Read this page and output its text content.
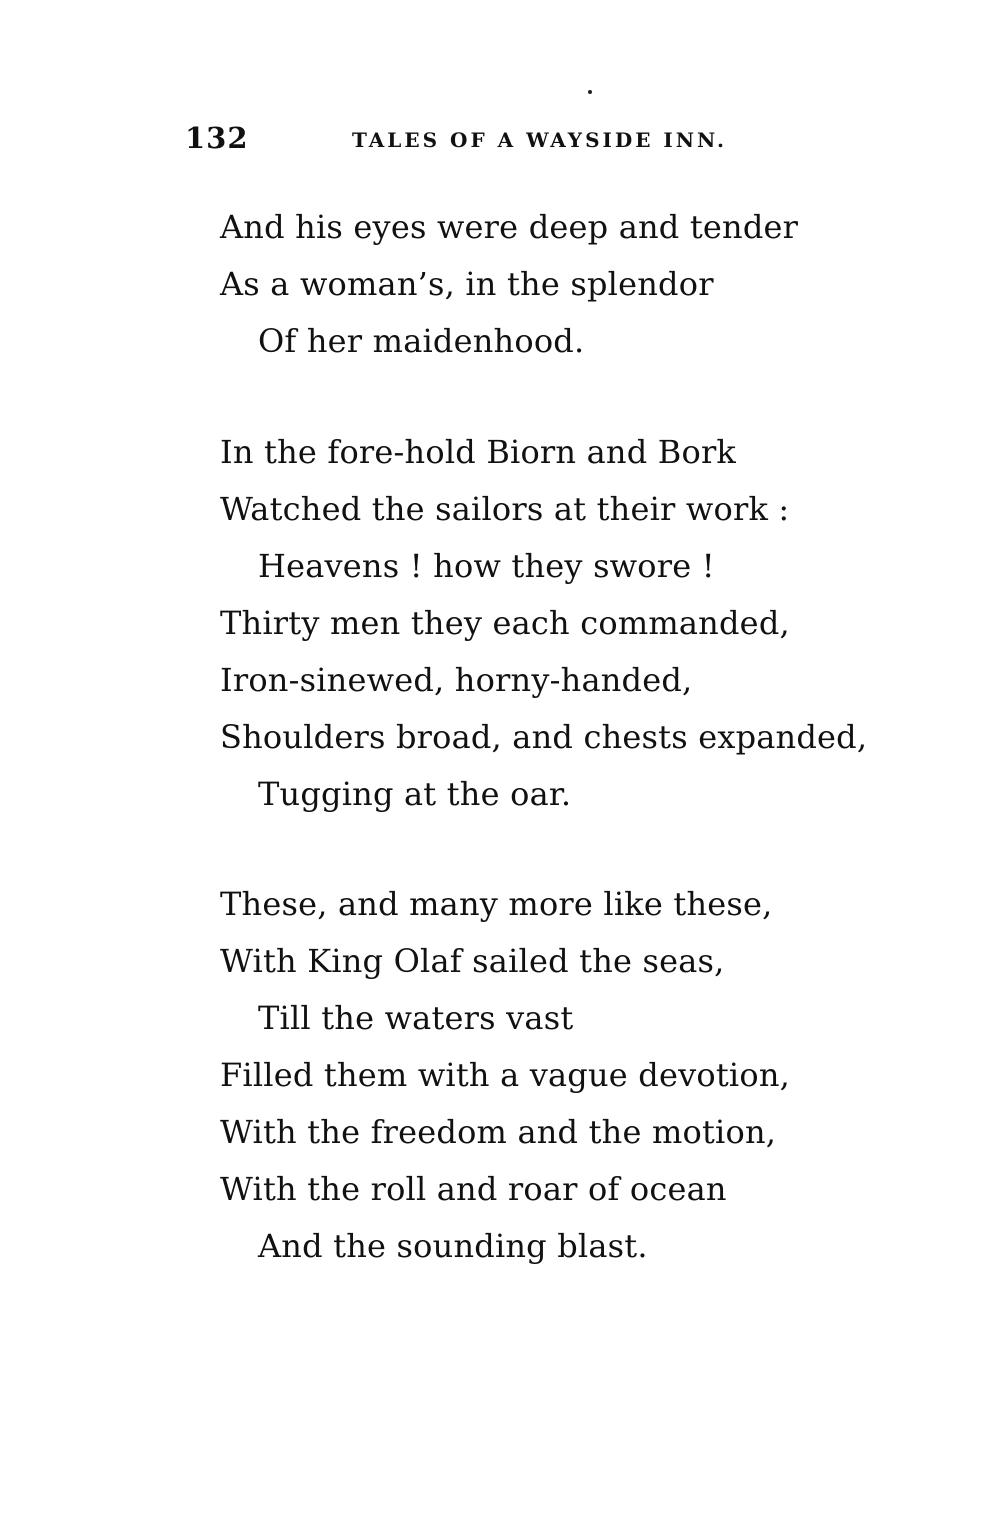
132	TALES OF A WAYSIDE INN.
And his eyes were deep and tender
As a woman’s, in the splendor
Of her maidenhood.
In the fore-hold Biorn and Bork
Watched the sailors at their work :
Heavens ! how they swore !
Thirty men they each commanded,
Iron-sinewed, horny-handed,
Shoulders broad, and chests expanded,
Tugging at the oar.
These, and many more like these,
With King Olaf sailed the seas,
Till the waters vast
Filled them with a vague devotion,
With the freedom and the motion,
With the roll and roar of ocean
And the sounding blast.
